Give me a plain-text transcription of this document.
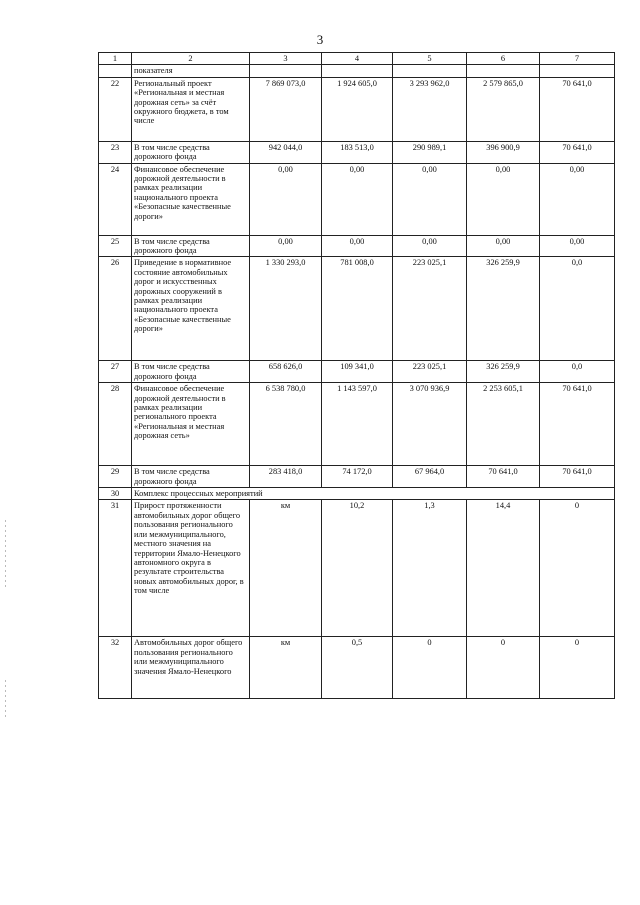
3
1	2	3	4	5	6	7
	показателя					
22	Региональный проект «Региональная и местная дорожная сеть» за счёт окружного бюджета, в том числе	7 869 073,0	1 924 605,0	3 293 962,0	2 579 865,0	70 641,0
23	В том числе средства дорожного фонда	942 044,0	183 513,0	290 989,1	396 900,9	70 641,0
24	Финансовое обеспечение дорожной деятельности в рамках реализации национального проекта «Безопасные качественные дороги»	0,00	0,00	0,00	0,00	0,00
25	В том числе средства дорожного фонда	0,00	0,00	0,00	0,00	0,00
26	Приведение в нормативное состояние автомобильных дорог и искусственных дорожных сооружений в рамках реализации национального проекта «Безопасные качественные дороги»	1 330 293,0	781 008,0	223 025,1	326 259,9	0,0
27	В том числе средства дорожного фонда	658 626,0	109 341,0	223 025,1	326 259,9	0,0
28	Финансовое обеспечение дорожной деятельности в рамках реализации регионального проекта «Региональная и местная дорожная сеть»	6 538 780,0	1 143 597,0	3 070 936,9	2 253 605,1	70 641,0
29	В том числе средства дорожного фонда	283 418,0	74 172,0	67 964,0	70 641,0	70 641,0
30	Комплекс процессных мероприятий					
31	Прирост протяженности автомобильных дорог общего пользования регионального или межмуниципального, местного значения на территории Ямало-Ненецкого автономного округа в результате строительства новых автомобильных дорог, в том числе	км	10,2	1,3	14,4	0
32	Автомобильных дорог общего пользования регионального или межмуниципального значения Ямало-Ненецкого	км	0,5	0	0	0
